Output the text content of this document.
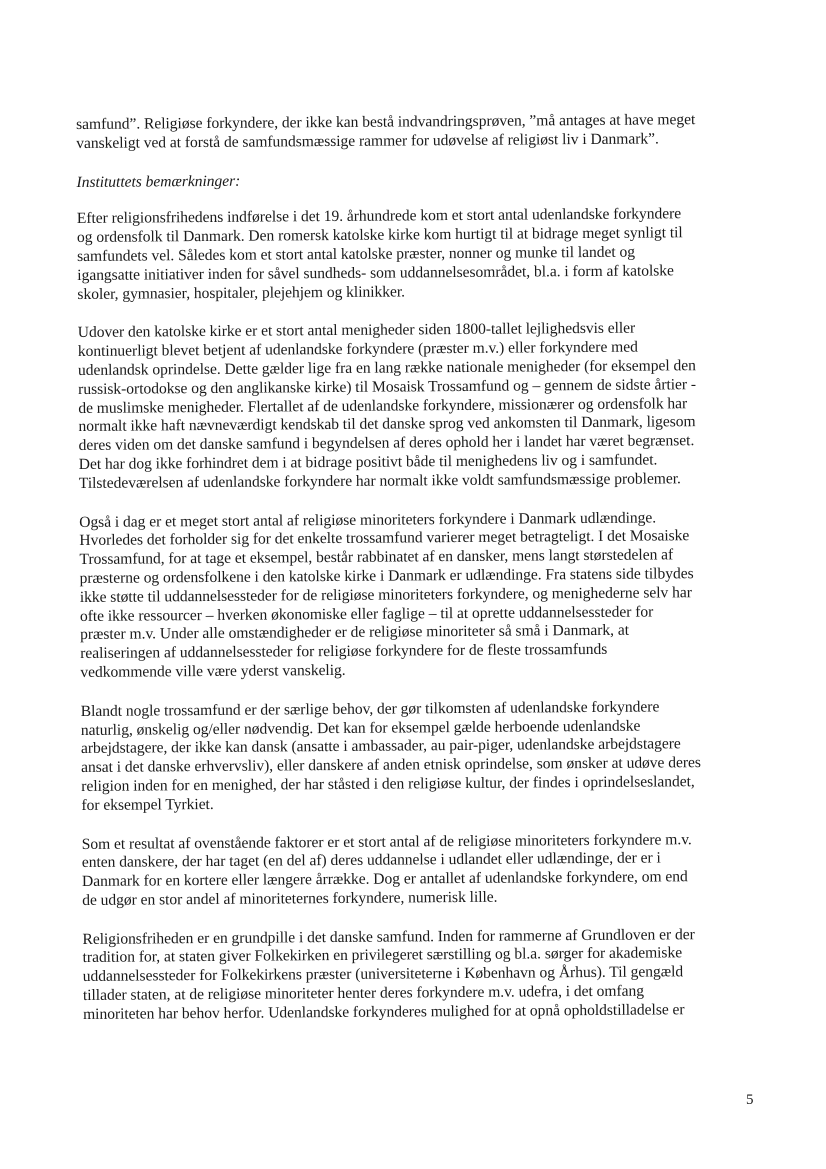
samfund”. Religiøse forkyndere, der ikke kan bestå indvandringsprøven, ”må antages at have meget
vanskeligt ved at forstå de samfundsmæssige rammer for udøvelse af religiøst liv i Danmark”.
Instituttets bemærkninger:
Efter religionsfrihedens indførelse i det 19. århundrede kom et stort antal udenlandske forkyndere
og ordensfolk til Danmark. Den romersk katolske kirke kom hurtigt til at bidrage meget synligt til
samfundets vel. Således kom et stort antal katolske præster, nonner og munke til landet og
igangsatte initiativer inden for såvel sundheds- som uddannelsesområdet, bl.a. i form af katolske
skoler, gymnasier, hospitaler, plejehjem og klinikker.
Udover den katolske kirke er et stort antal menigheder siden 1800-tallet lejlighedsvis eller
kontinuerligt blevet betjent af udenlandske forkyndere (præster m.v.) eller forkyndere med
udenlandsk oprindelse. Dette gælder lige fra en lang række nationale menigheder (for eksempel den
russisk-ortodokse og den anglikanske kirke) til Mosaisk Trossamfund og – gennem de sidste årtier -
de muslimske menigheder. Flertallet af de udenlandske forkyndere, missionærer og ordensfolk har
normalt ikke haft nævneværdigt kendskab til det danske sprog ved ankomsten til Danmark, ligesom
deres viden om det danske samfund i begyndelsen af deres ophold her i landet har været begrænset.
Det har dog ikke forhindret dem i at bidrage positivt både til menighedens liv og i samfundet.
Tilstedeværelsen af udenlandske forkyndere har normalt ikke voldt samfundsmæssige problemer.
Også i dag er et meget stort antal af religiøse minoriteters forkyndere i Danmark udlændinge.
Hvorledes det forholder sig for det enkelte trossamfund varierer meget betragteligt. I det Mosaiske
Trossamfund, for at tage et eksempel, består rabbinatet af en dansker, mens langt størstedelen af
præsterne og ordensfolkene i den katolske kirke i Danmark er udlændinge. Fra statens side tilbydes
ikke støtte til uddannelsessteder for de religiøse minoriteters forkyndere, og menighederne selv har
ofte ikke ressourcer – hverken økonomiske eller faglige – til at oprette uddannelsessteder for
præster m.v. Under alle omstændigheder er de religiøse minoriteter så små i Danmark, at
realiseringen af uddannelsessteder for religiøse forkyndere for de fleste trossamfunds
vedkommende ville være yderst vanskelig.
Blandt nogle trossamfund er der særlige behov, der gør tilkomsten af udenlandske forkyndere
naturlig, ønskelig og/eller nødvendig. Det kan for eksempel gælde herboende udenlandske
arbejdstagere, der ikke kan dansk (ansatte i ambassader, au pair-piger, udenlandske arbejdstagere
ansat i det danske erhvervsliv), eller danskere af anden etnisk oprindelse, som ønsker at udøve deres
religion inden for en menighed, der har ståsted i den religiøse kultur, der findes i oprindelseslandet,
for eksempel Tyrkiet.
Som et resultat af ovenstående faktorer er et stort antal af de religiøse minoriteters forkyndere m.v.
enten danskere, der har taget (en del af) deres uddannelse i udlandet eller udlændinge, der er i
Danmark for en kortere eller længere årrække. Dog er antallet af udenlandske forkyndere, om end
de udgør en stor andel af minoriteternes forkyndere, numerisk lille.
Religionsfriheden er en grundpille i det danske samfund. Inden for rammerne af Grundloven er der
tradition for, at staten giver Folkekirken en privilegeret særstilling og bl.a. sørger for akademiske
uddannelsessteder for Folkekirkens præster (universiteterne i København og Århus). Til gengæld
tillader staten, at de religiøse minoriteter henter deres forkyndere m.v. udefra, i det omfang
minoriteten har behov herfor. Udenlandske forkynderes mulighed for at opnå opholdstilladelse er
5
